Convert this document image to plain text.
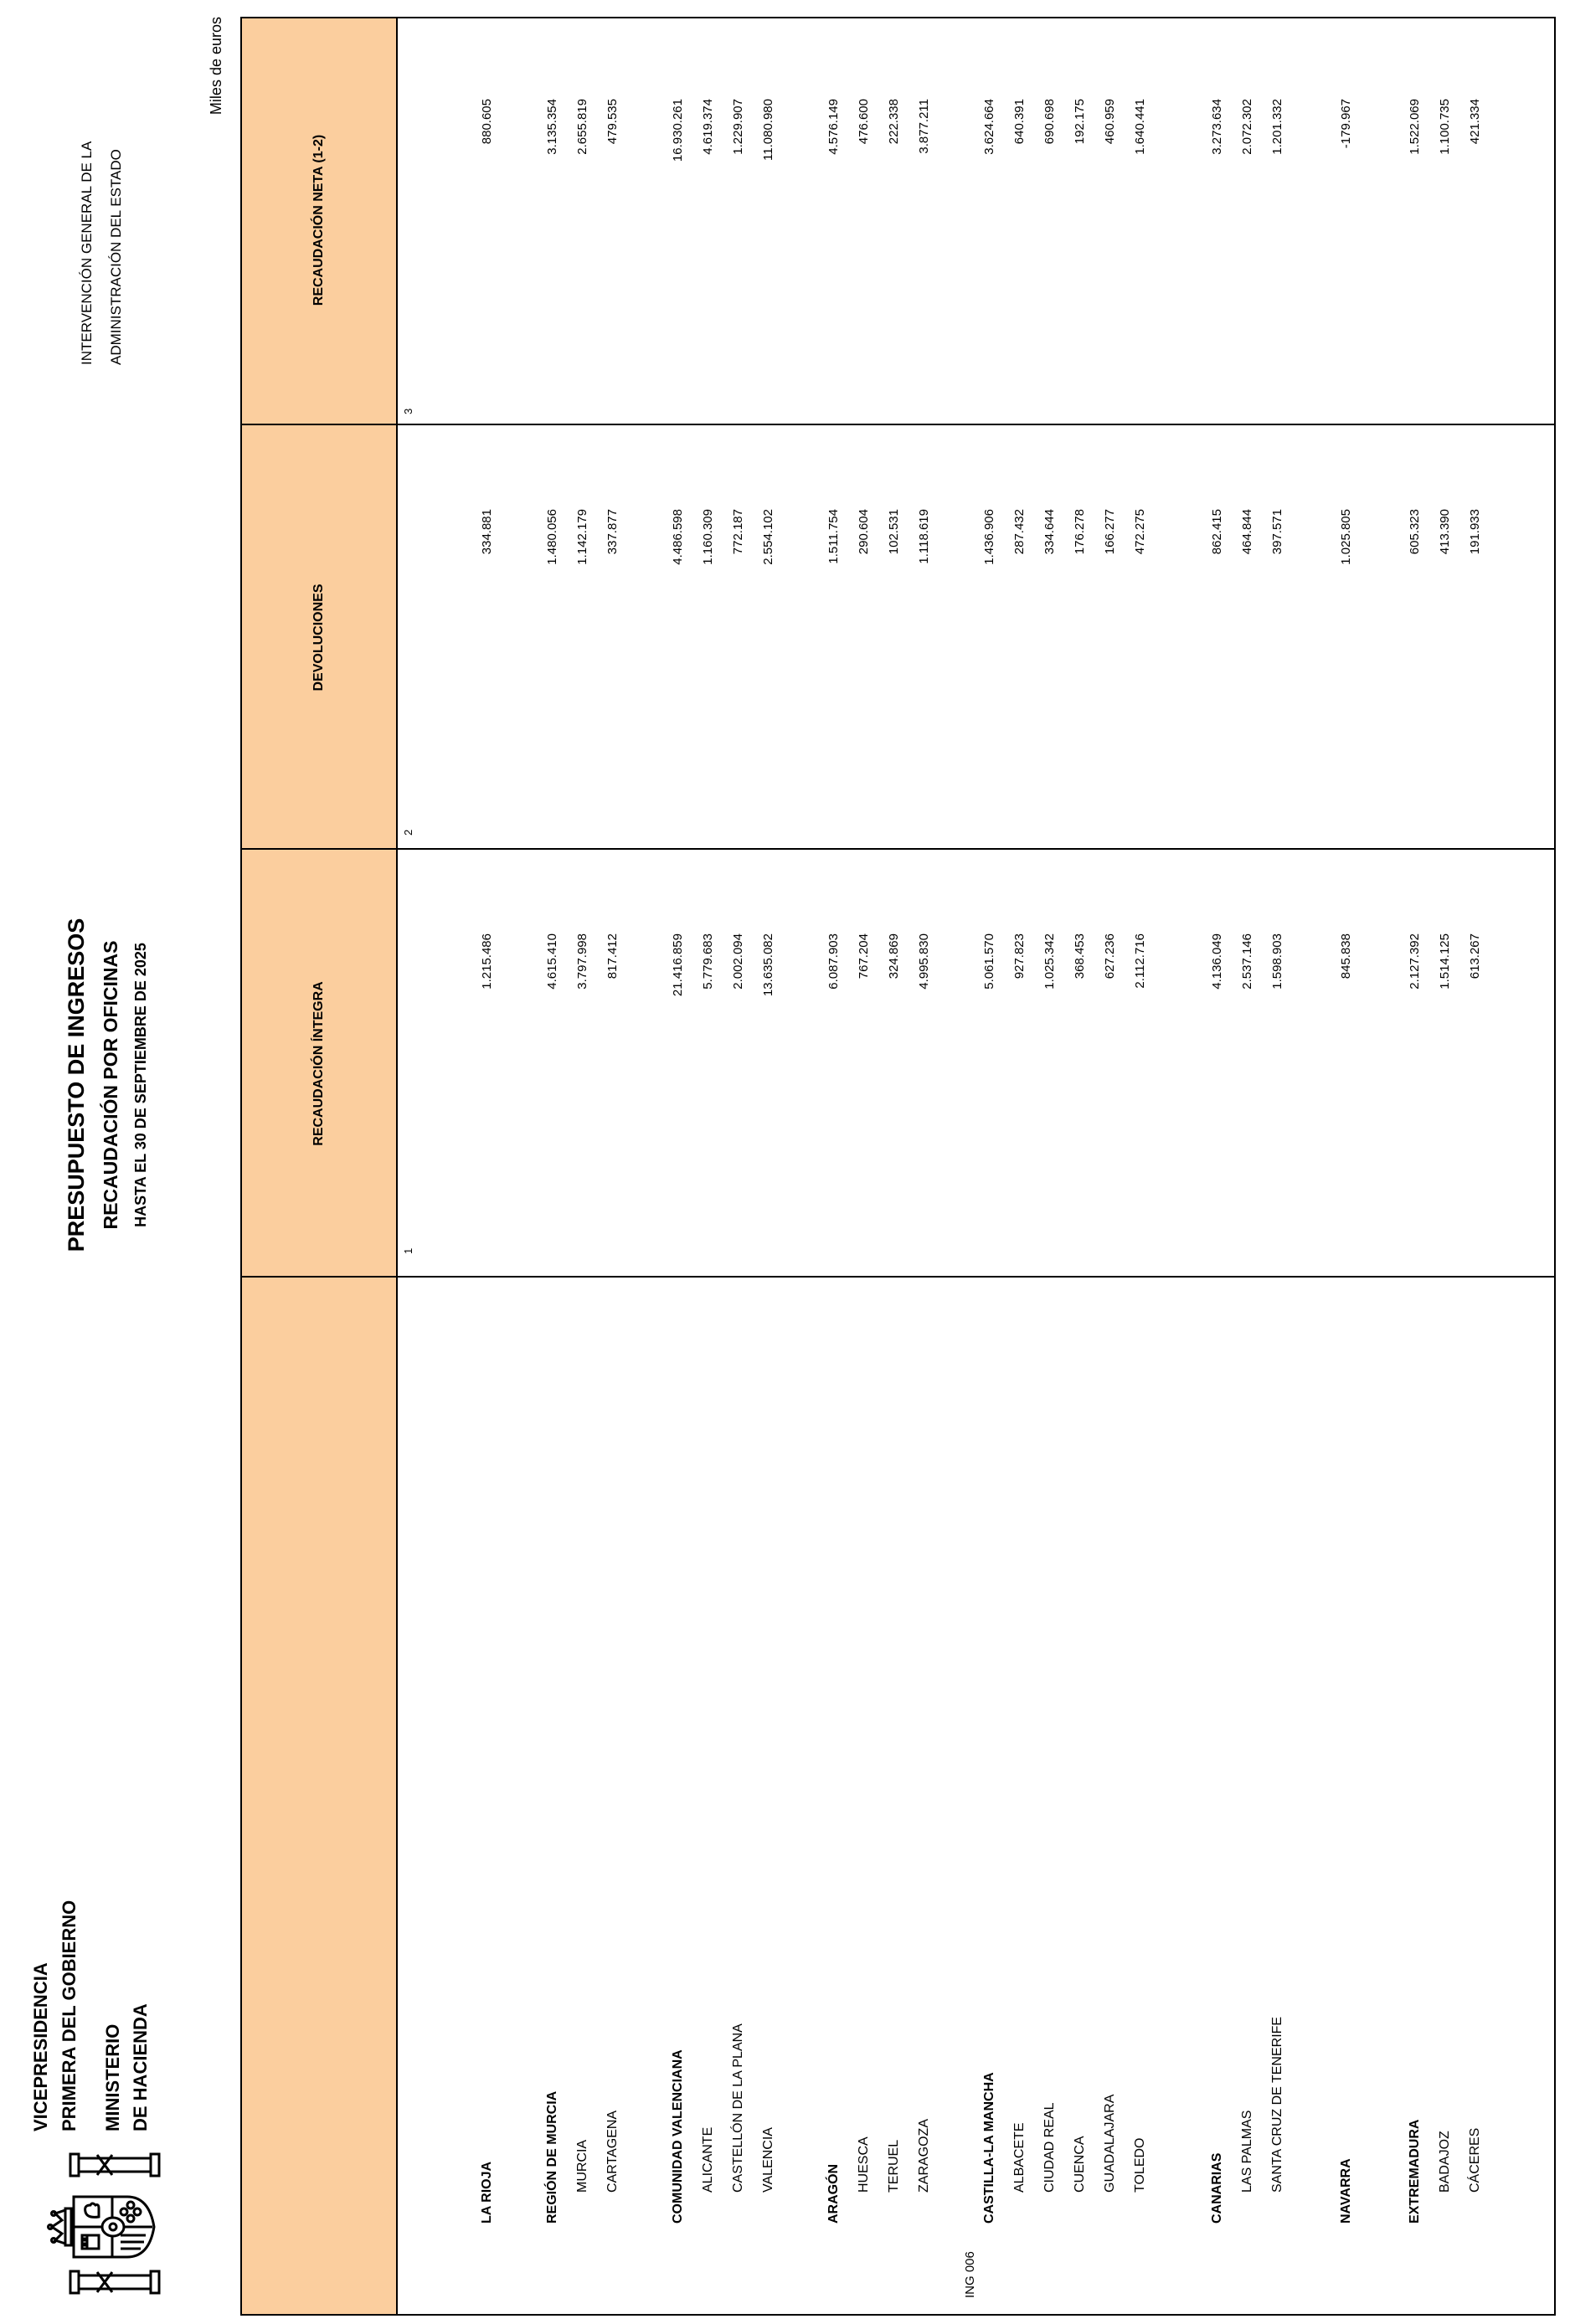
VICEPRESIDENCIA PRIMERA DEL GOBIERNO MINISTERIO DE HACIENDA
PRESUPUESTO DE INGRESOS RECAUDACIÓN POR OFICINAS HASTA EL 30 DE SEPTIEMBRE DE 2025
INTERVENCIÓN GENERAL DE LA ADMINISTRACIÓN DEL ESTADO
Miles de euros
ING 006
RECAUDACIÓN ÍNTEGRA
DEVOLUCIONES
RECAUDACIÓN NETA (1-2)
1
2
3
LA RIOJA
1.215.486
334.881
880.605
REGIÓN DE MURCIA
4.615.410
1.480.056
3.135.354
MURCIA
3.797.998
1.142.179
2.655.819
CARTAGENA
817.412
337.877
479.535
COMUNIDAD VALENCIANA
21.416.859
4.486.598
16.930.261
ALICANTE
5.779.683
1.160.309
4.619.374
CASTELLÓN DE LA PLANA
2.002.094
772.187
1.229.907
VALENCIA
13.635.082
2.554.102
11.080.980
ARAGÓN
6.087.903
1.511.754
4.576.149
HUESCA
767.204
290.604
476.600
TERUEL
324.869
102.531
222.338
ZARAGOZA
4.995.830
1.118.619
3.877.211
CASTILLA-LA MANCHA
5.061.570
1.436.906
3.624.664
ALBACETE
927.823
287.432
640.391
CIUDAD REAL
1.025.342
334.644
690.698
CUENCA
368.453
176.278
192.175
GUADALAJARA
627.236
166.277
460.959
TOLEDO
2.112.716
472.275
1.640.441
CANARIAS
4.136.049
862.415
3.273.634
LAS PALMAS
2.537.146
464.844
2.072.302
SANTA CRUZ DE TENERIFE
1.598.903
397.571
1.201.332
NAVARRA
845.838
1.025.805
-179.967
EXTREMADURA
2.127.392
605.323
1.522.069
BADAJOZ
1.514.125
413.390
1.100.735
CÁCERES
613.267
191.933
421.334
